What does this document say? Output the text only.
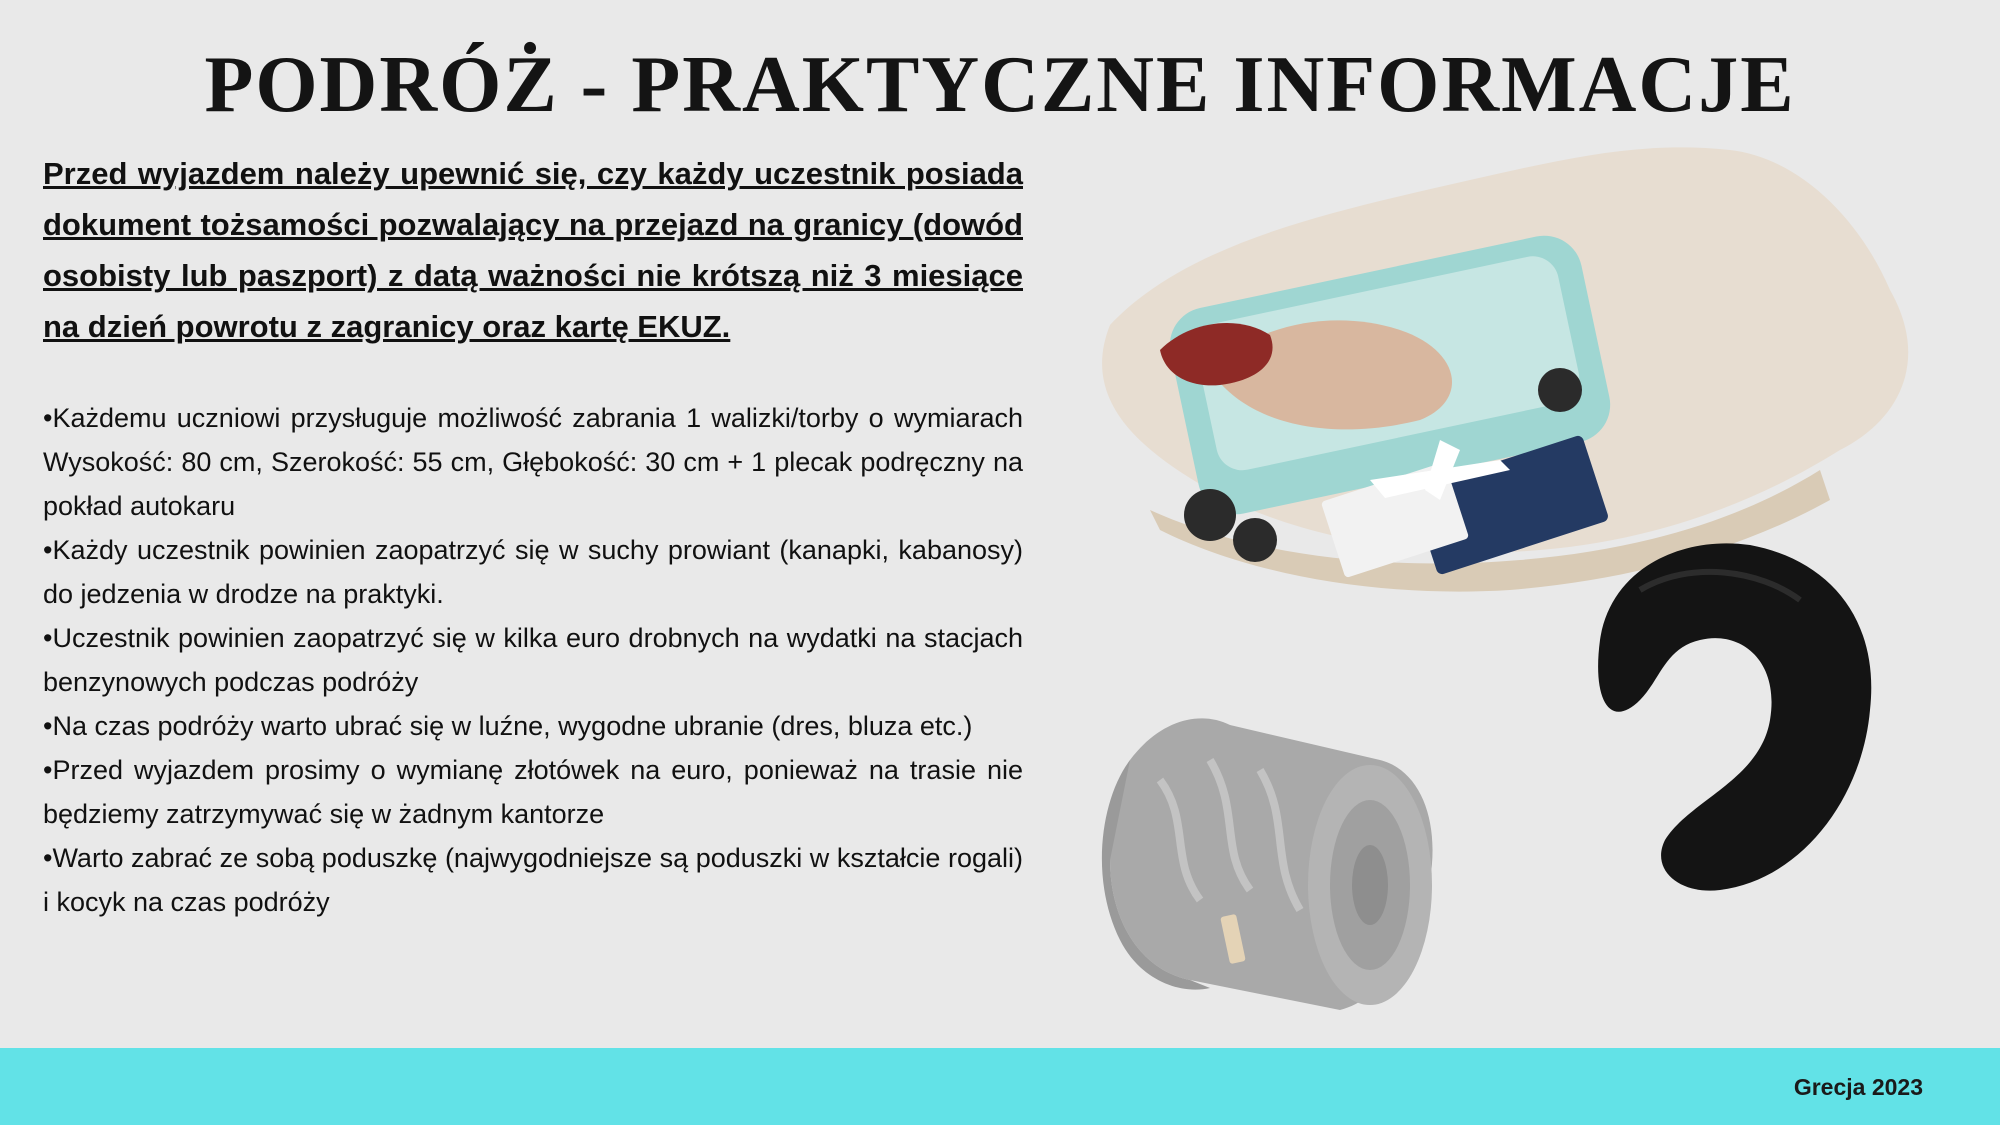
PODRÓŻ - PRAKTYCZNE INFORMACJE

Przed wyjazdem należy upewnić się, czy każdy uczestnik posiada dokument tożsamości pozwalający na przejazd na granicy (dowód osobisty lub paszport) z datą ważności nie krótszą niż 3 miesiące na dzień powrotu z zagranicy oraz kartę EKUZ.

• Każdemu uczniowi przysługuje możliwość zabrania 1 walizki/torby o wymiarach Wysokość: 80 cm, Szerokość: 55 cm, Głębokość: 30 cm + 1 plecak podręczny na pokład autokaru
• Każdy uczestnik powinien zaopatrzyć się w suchy prowiant (kanapki, kabanosy) do jedzenia w drodze na praktyki.
• Uczestnik powinien zaopatrzyć się w kilka euro drobnych na wydatki na stacjach benzynowych podczas podróży
• Na czas podróży warto ubrać się w luźne, wygodne ubranie (dres, bluza etc.)
• Przed wyjazdem prosimy o wymianę złotówek na euro, ponieważ na trasie nie będziemy zatrzymywać się w żadnym kantorze
• Warto zabrać ze sobą poduszkę (najwygodniejsze są poduszki w kształcie rogali) i kocyk na czas podróży
Grecja 2023
